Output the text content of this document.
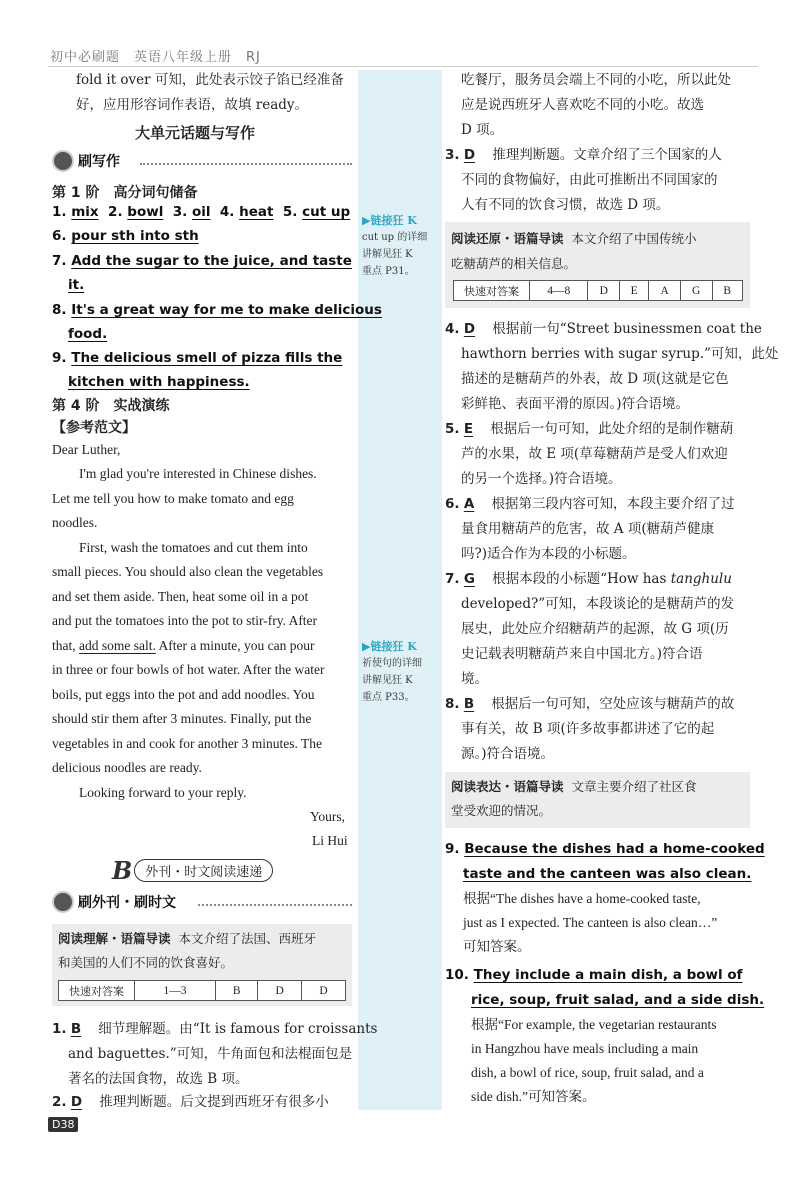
初中必刷题　英语八年级上册　RJ
fold it over 可知，此处表示饺子馅已经准备
好，应用形容词作表语，故填 ready。
大单元话题与写作
刷写作
第 1 阶　高分词句储备
1. mix 2. bowl 3. oil 4. heat 5. cut up
6. pour sth into sth
7. Add the sugar to the juice, and taste
it.
8. It's a great way for me to make delicious
food.
9. The delicious smell of pizza fills the
kitchen with happiness.
第 4 阶　实战演练
【参考范文】
Dear Luther,
　　I'm glad you're interested in Chinese dishes.
Let me tell you how to make tomato and egg
noodles.
　　First, wash the tomatoes and cut them into
small pieces. You should also clean the vegetables
and set them aside. Then, heat some oil in a pot
and put the tomatoes into the pot to stir-fry. After
that, add some salt. After a minute, you can pour
in three or four bowls of hot water. After the water
boils, put eggs into the pot and add noodles. You
should stir them after 3 minutes. Finally, put the
vegetables in and cook for another 3 minutes. The
delicious noodles are ready.
　　Looking forward to your reply.
Yours,
Li Hui
B	外刊・时文阅读速递
刷外刊・刷时文
阅读理解・语篇导读 本文介绍了法国、西班牙
和美国的人们不同的饮食喜好。
快速对答案	1—3	B	D	D
1. B 细节理解题。由“It is famous for croissants
and baguettes.”可知，牛角面包和法棍面包是
著名的法国食物，故选 B 项。
2. D 推理判断题。后文提到西班牙有很多小
D38
▶链接狂 K
cut up 的详细
讲解见狂 K
重点 P31。
▶链接狂 K
祈使句的详细
讲解见狂 K
重点 P33。
吃餐厅，服务员会端上不同的小吃，所以此处
应是说西班牙人喜欢吃不同的小吃。故选
D 项。
3. D 推理判断题。文章介绍了三个国家的人
不同的食物偏好，由此可推断出不同国家的
人有不同的饮食习惯，故选 D 项。
阅读还原・语篇导读 本文介绍了中国传统小
吃糖葫芦的相关信息。
快速对答案	4—8	D	E	A	G	B
4. D 根据前一句“Street businessmen coat the
hawthorn berries with sugar syrup.”可知，此处
描述的是糖葫芦的外表，故 D 项(这就是它色
彩鲜艳、表面平滑的原因。)符合语境。
5. E 根据后一句可知，此处介绍的是制作糖葫
芦的水果，故 E 项(草莓糖葫芦是受人们欢迎
的另一个选择。)符合语境。
6. A 根据第三段内容可知，本段主要介绍了过
量食用糖葫芦的危害，故 A 项(糖葫芦健康
吗?)适合作为本段的小标题。
7. G 根据本段的小标题“How has tanghulu
developed?”可知，本段谈论的是糖葫芦的发
展史，此处应介绍糖葫芦的起源，故 G 项(历
史记载表明糖葫芦来自中国北方。)符合语
境。
8. B 根据后一句可知，空处应该与糖葫芦的故
事有关，故 B 项(许多故事都讲述了它的起
源。)符合语境。
阅读表达・语篇导读 文章主要介绍了社区食
堂受欢迎的情况。
9. Because the dishes had a home-cooked
taste and the canteen was also clean.
根据“The dishes have a home-cooked taste,
just as I expected. The canteen is also clean…”
可知答案。
10. They include a main dish, a bowl of
rice, soup, fruit salad, and a side dish.
根据“For example, the vegetarian restaurants
in Hangzhou have meals including a main
dish, a bowl of rice, soup, fruit salad, and a
side dish.”可知答案。
